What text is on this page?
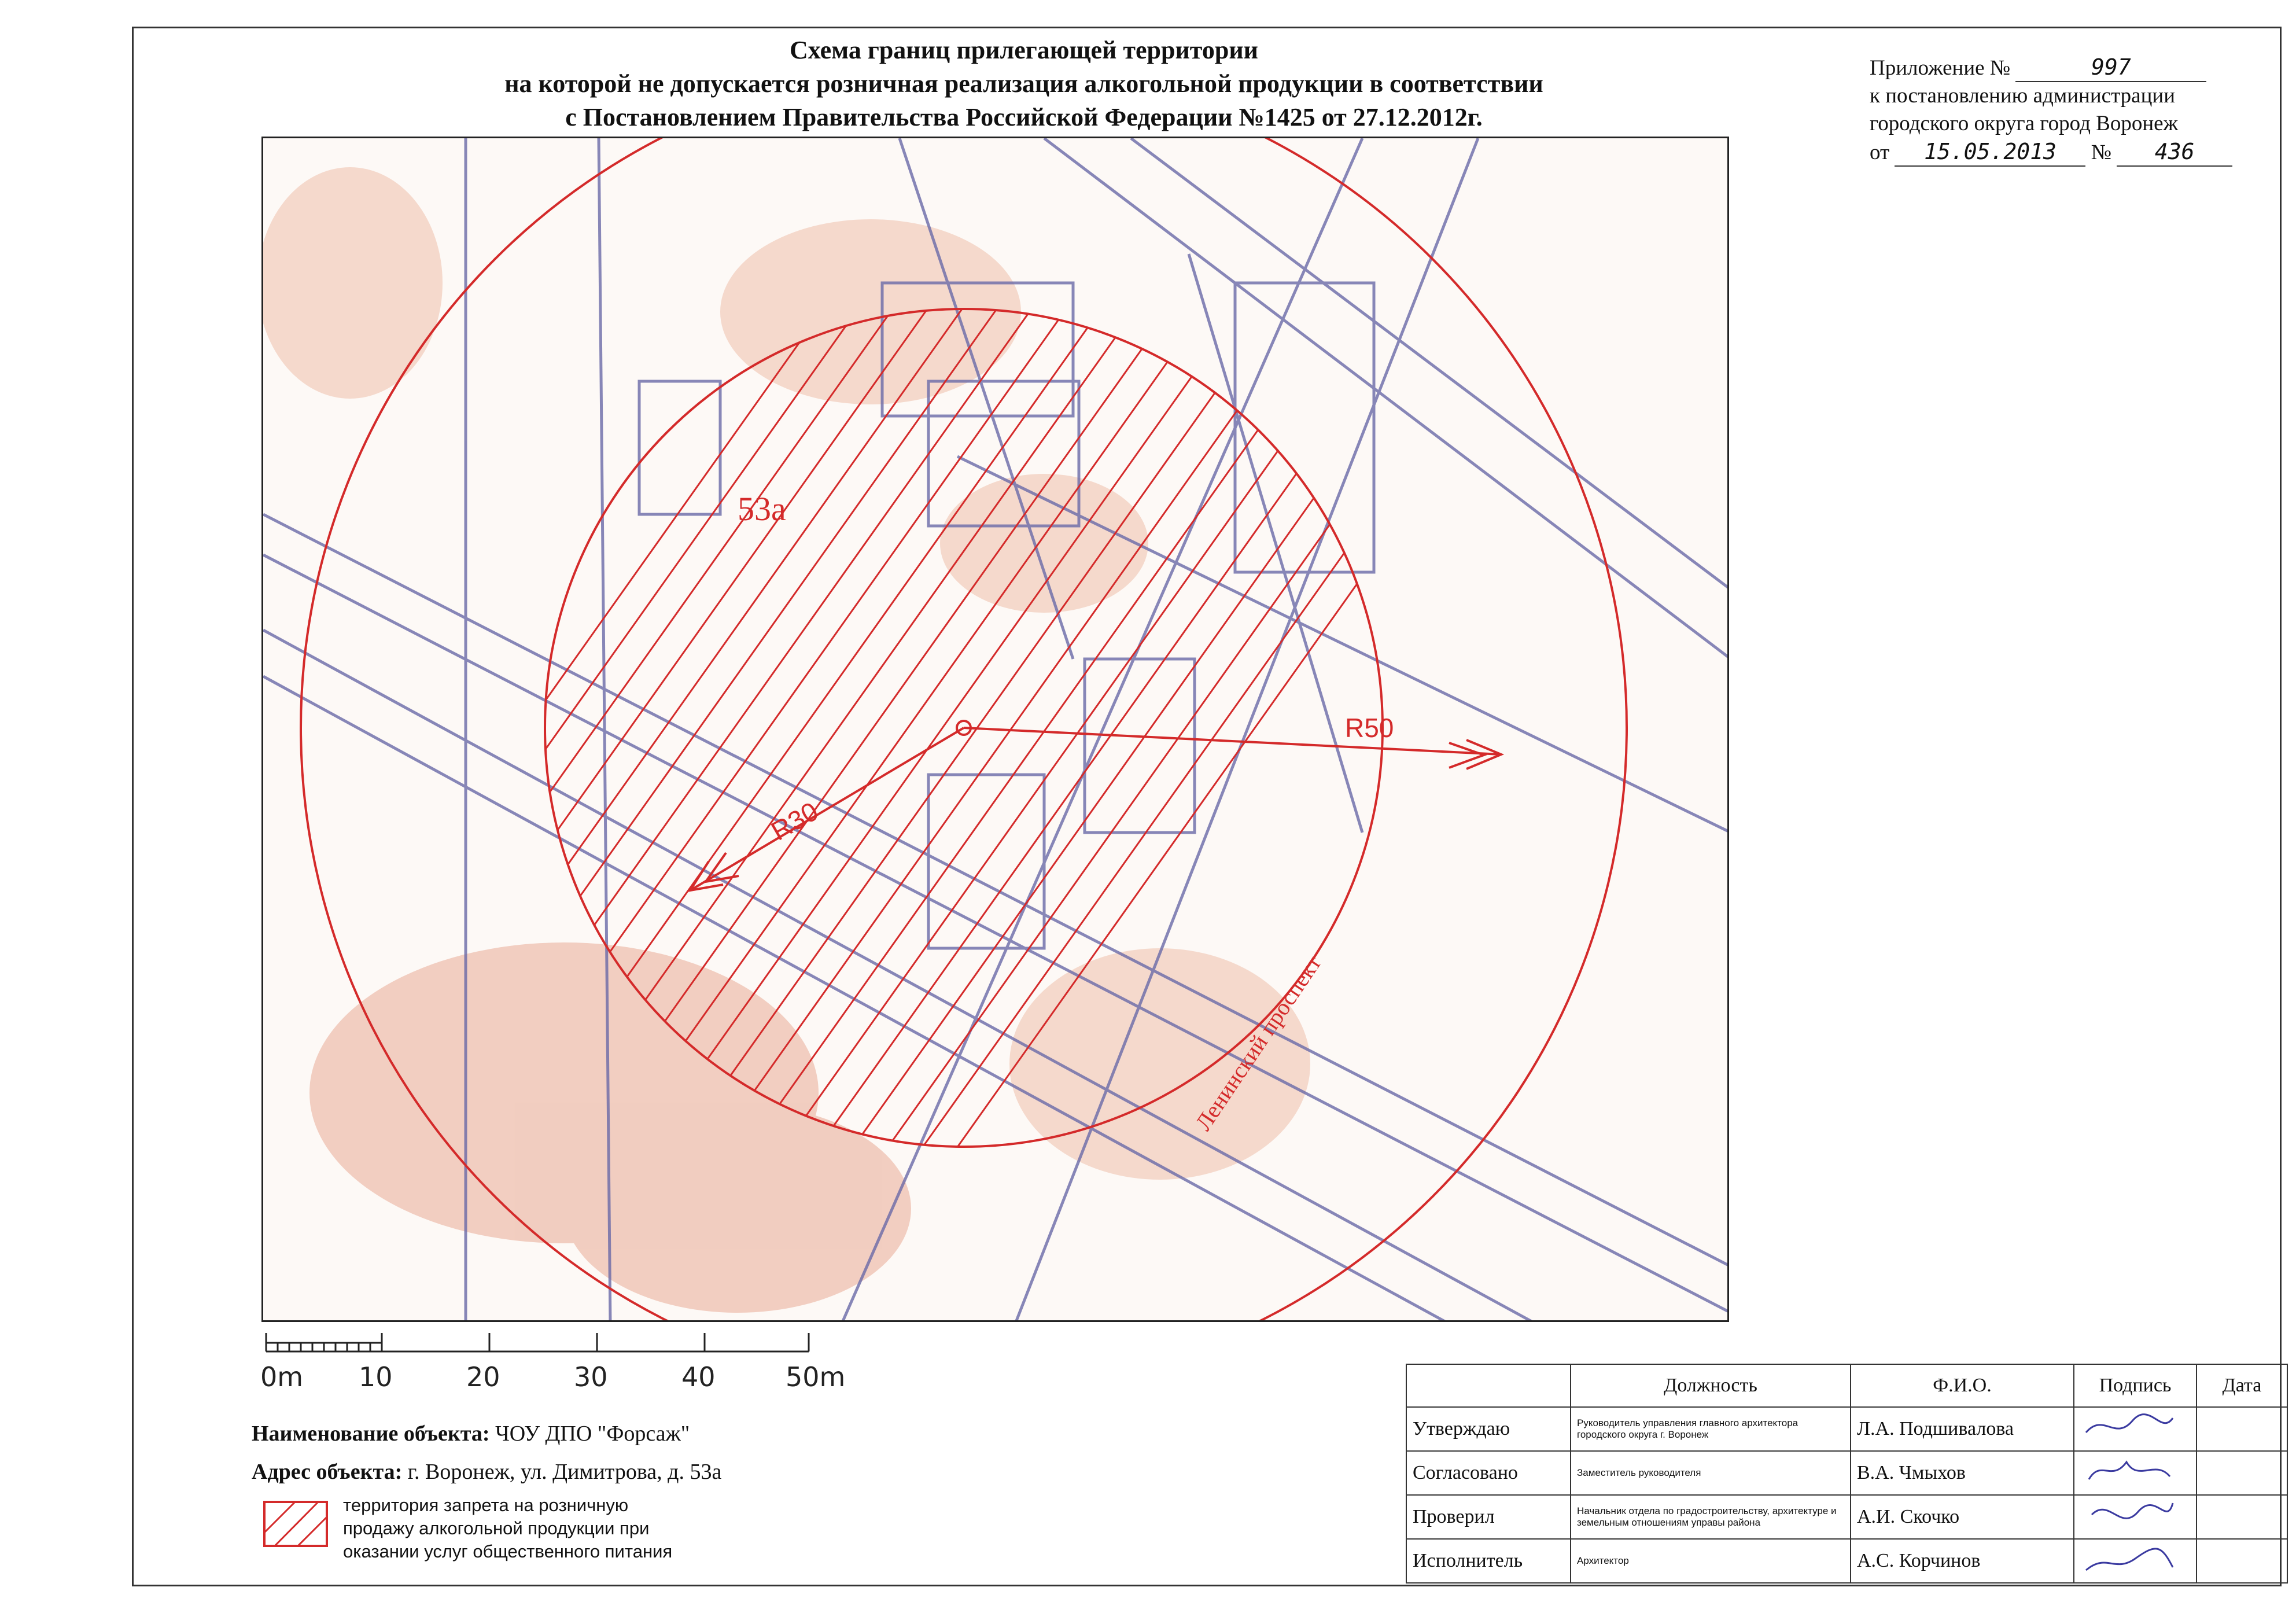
Схема границ прилегающей территории
на которой не допускается розничная реализация алкогольной продукции в соответствии
с Постановлением Правительства Российской Федерации №1425 от 27.12.2012г.
Приложение №	997
к постановлению администрации
городского округа город Воронеж
от 15.05.2013 № 436
53а
R50
R30
Ленинский проспект
0m 10	20	30	40	50m
Наименование объекта: ЧОУ ДПО "Форсаж"
Адрес объекта: г. Воронеж, ул. Димитрова, д. 53а
территория запрета на розничную
продажу алкогольной продукции при
оказании услуг общественного питания
	Должность	Ф.И.О.	Подпись	Дата
Утверждаю	Руководитель управления главного архитектора городского округа г. Воронеж	Л.А. Подшивалова		
Согласовано	Заместитель руководителя	В.А. Чмыхов		
Проверил	Начальник отдела по градостроительству, архитектуре и земельным отношениям управы района	А.И. Скочко		
Исполнитель	Архитектор	А.С. Корчинов		
